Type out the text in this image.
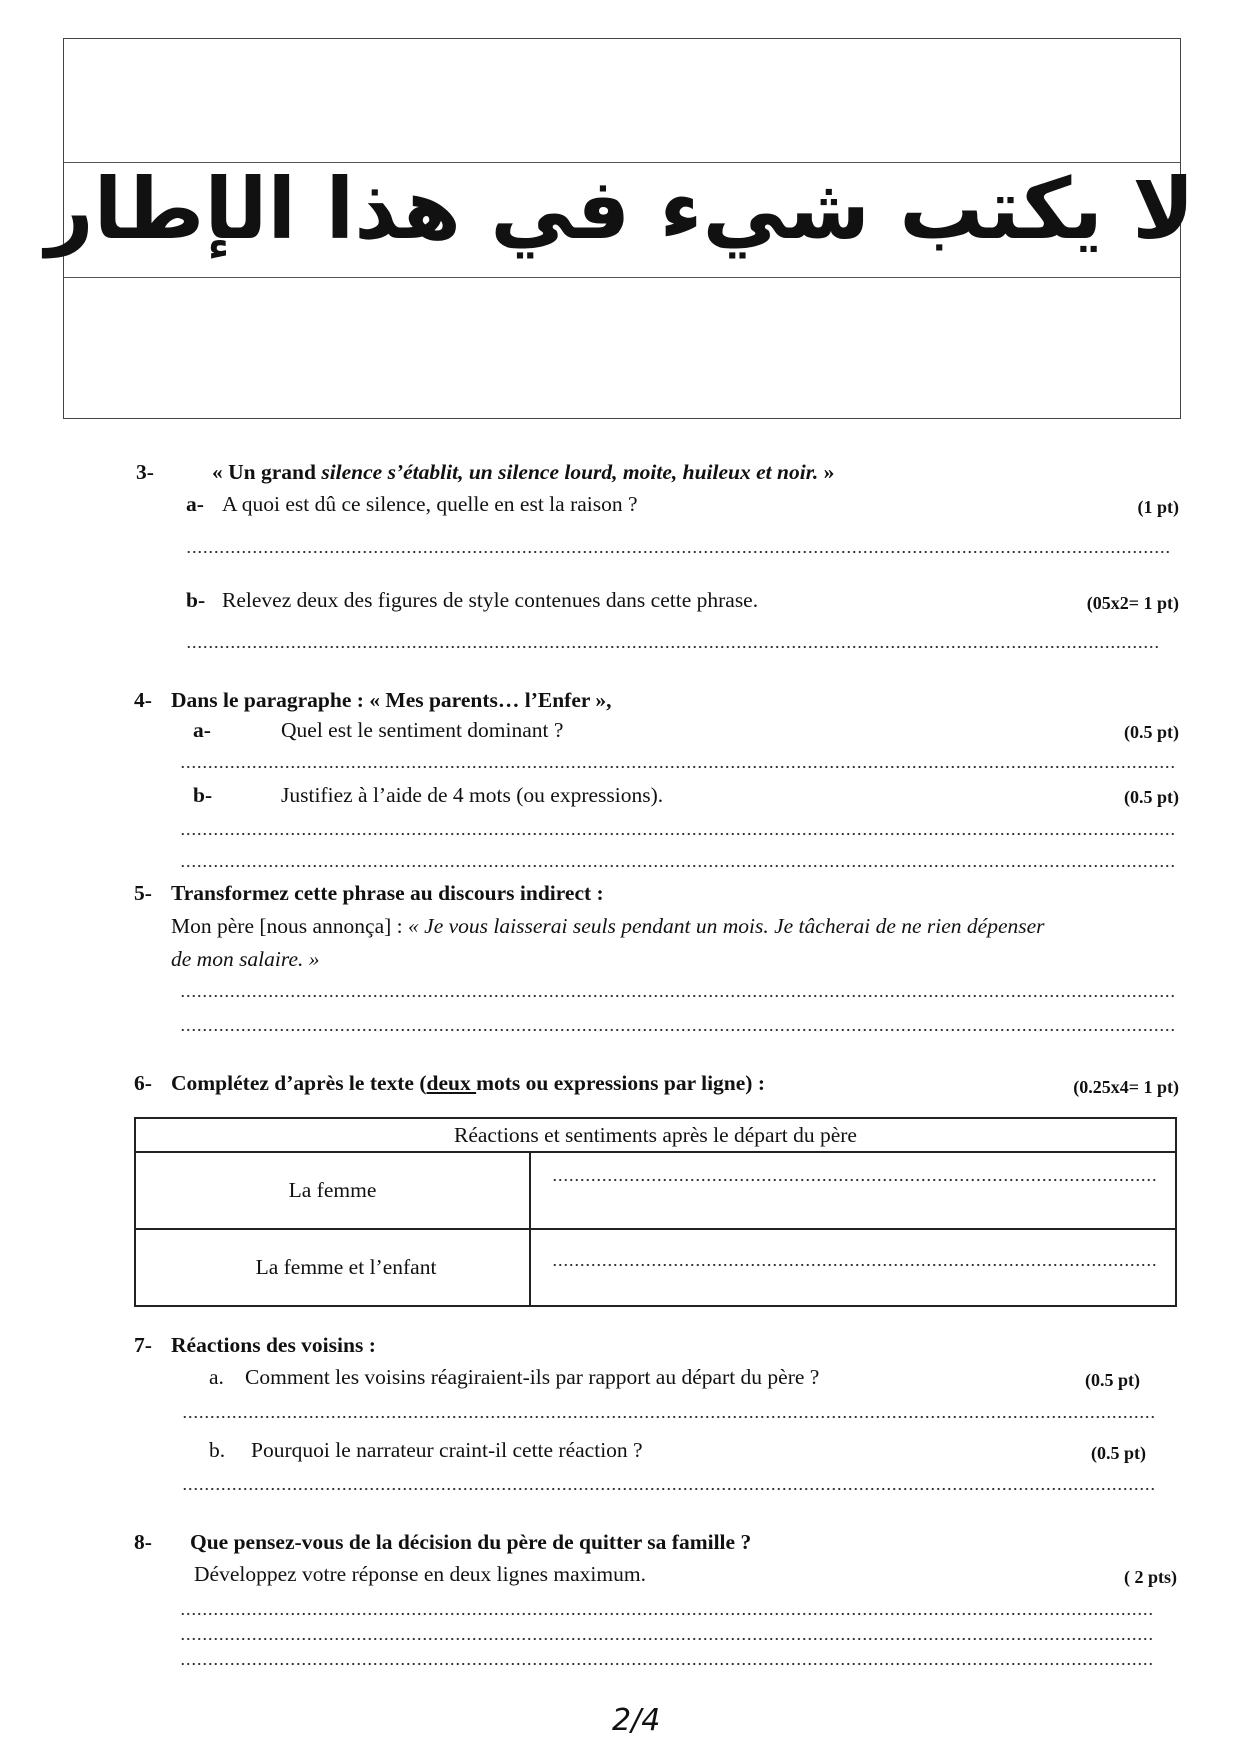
لا يكتب شيء في هذا الإطار
3-	« Un grand silence s’établit, un silence lourd, moite, huileux et noir. »
a- A quoi est dû ce silence, quelle en est la raison ?	(1 pt)
b- Relevez deux des figures de style contenues dans cette phrase.	(05x2= 1 pt)
4- Dans le paragraphe : « Mes parents… l’Enfer »,
a-	Quel est le sentiment dominant ?	(0.5 pt)
b-	Justifiez à l’aide de 4 mots (ou expressions).	(0.5 pt)
5- Transformez cette phrase au discours indirect :
Mon père [nous annonça] : « Je vous laisserai seuls pendant un mois. Je tâcherai de ne rien dépenser
de mon salaire. »
6- Complétez d’après le texte (deux mots ou expressions par ligne) :	(0.25x4= 1 pt)
Réactions et sentiments après le départ du père	
La femme	

La femme et l’enfant	
7- Réactions des voisins :
a. Comment les voisins réagiraient-ils par rapport au départ du père ?	(0.5 pt)
b. Pourquoi le narrateur craint-il cette réaction ?	(0.5 pt)
8- Que pensez-vous de la décision du père de quitter sa famille ?
Développez votre réponse en deux lignes maximum.	( 2 pts)
2/4
